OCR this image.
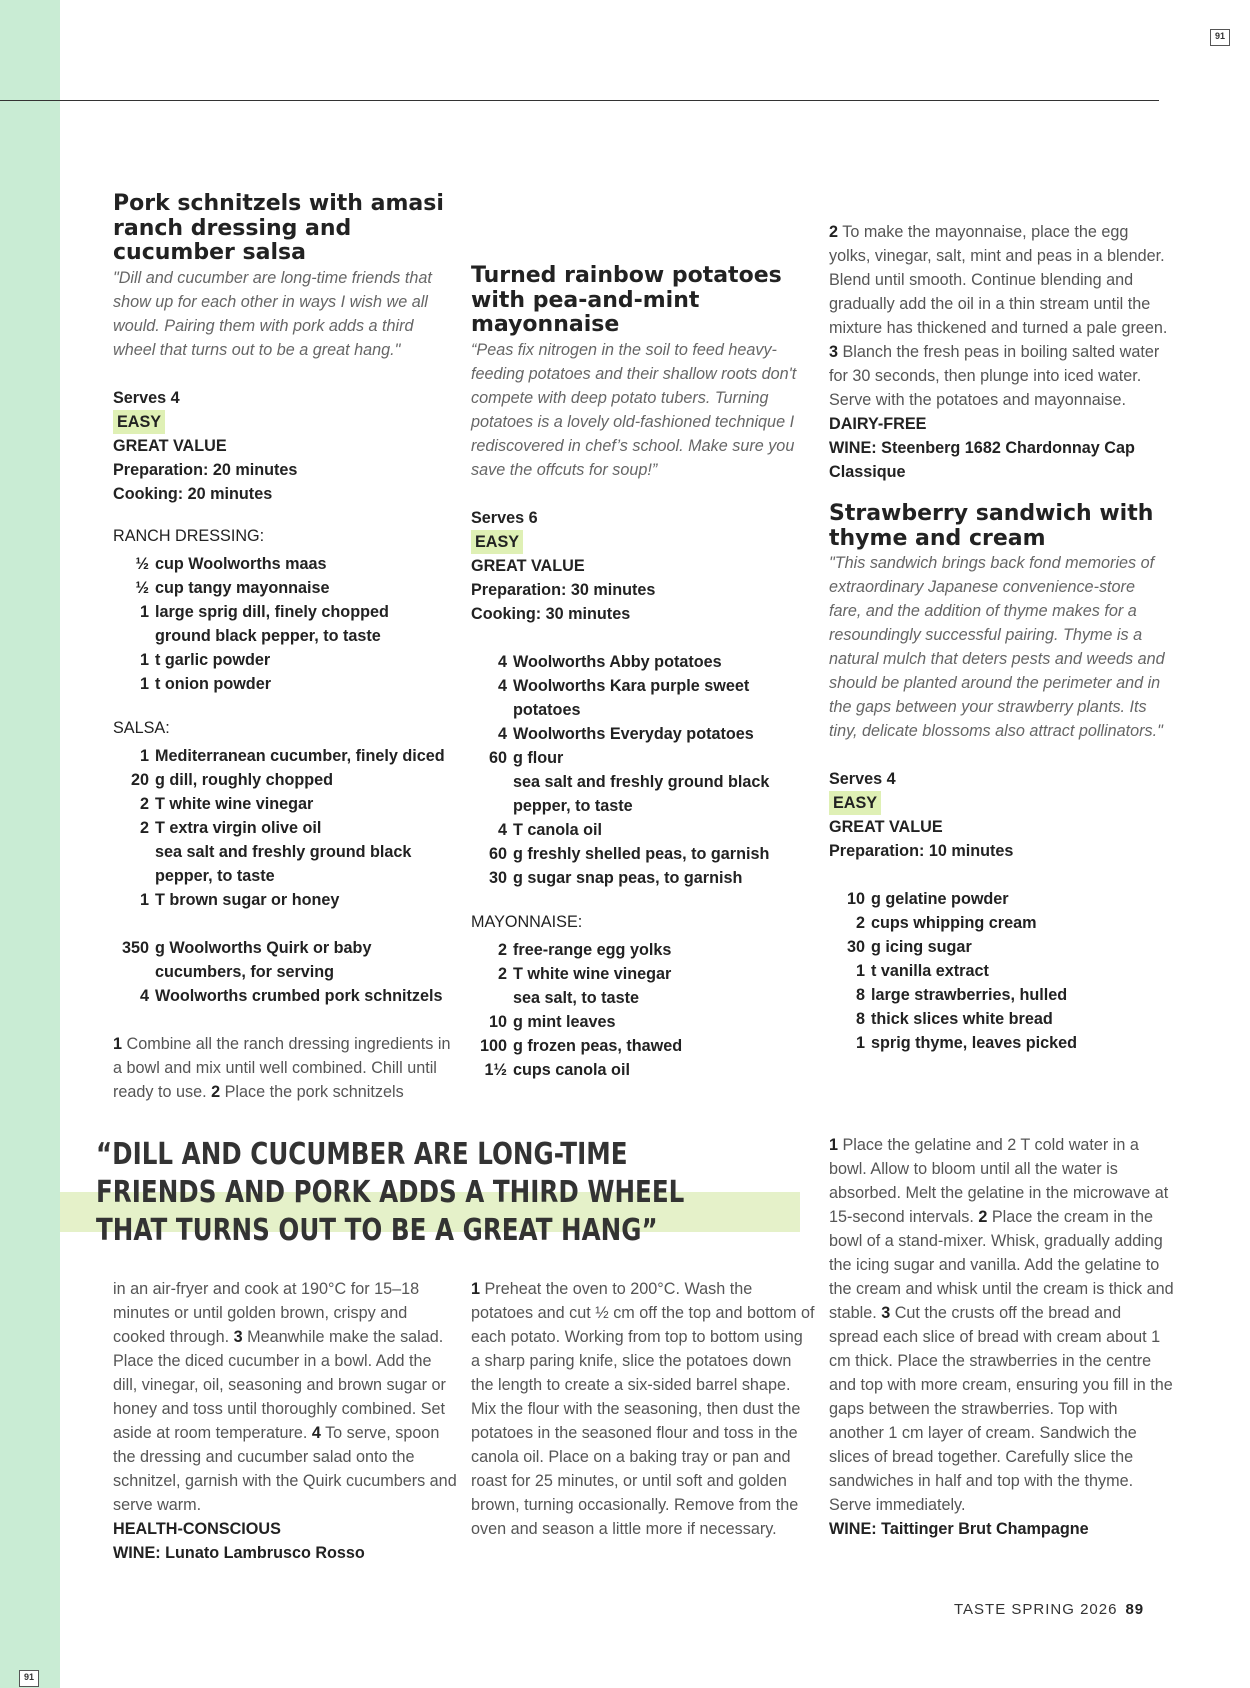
91
91
Pork schnitzels with amasi ranch dressing and cucumber salsa
"Dill and cucumber are long-time friends that show up for each other in ways I wish we all would. Pairing them with pork adds a third wheel that turns out to be a great hang."
Serves 4
EASY
GREAT VALUE
Preparation: 20 minutes
Cooking: 20 minutes
RANCH DRESSING:
½ cup Woolworths maas
½ cup tangy mayonnaise
1 large sprig dill, finely chopped
ground black pepper, to taste
1 t garlic powder
1 t onion powder
SALSA:
1 Mediterranean cucumber, finely diced
20 g dill, roughly chopped
2 T white wine vinegar
2 T extra virgin olive oil
sea salt and freshly ground black pepper, to taste
1 T brown sugar or honey
350 g Woolworths Quirk or baby cucumbers, for serving
4 Woolworths crumbed pork schnitzels
1 Combine all the ranch dressing ingredients in a bowl and mix until well combined. Chill until ready to use. 2 Place the pork schnitzels
Turned rainbow potatoes with pea-and-mint mayonnaise
“Peas fix nitrogen in the soil to feed heavy-feeding potatoes and their shallow roots don't compete with deep potato tubers. Turning potatoes is a lovely old-fashioned technique I rediscovered in chef’s school. Make sure you save the offcuts for soup!”
Serves 6
EASY
GREAT VALUE
Preparation: 30 minutes
Cooking: 30 minutes
4 Woolworths Abby potatoes
4 Woolworths Kara purple sweet potatoes
4 Woolworths Everyday potatoes
60 g flour
sea salt and freshly ground black pepper, to taste
4 T canola oil
60 g freshly shelled peas, to garnish
30 g sugar snap peas, to garnish
MAYONNAISE:
2 free-range egg yolks
2 T white wine vinegar
sea salt, to taste
10 g mint leaves
100 g frozen peas, thawed
1½ cups canola oil
2 To make the mayonnaise, place the egg yolks, vinegar, salt, mint and peas in a blender. Blend until smooth. Continue blending and gradually add the oil in a thin stream until the mixture has thickened and turned a pale green. 3 Blanch the fresh peas in boiling salted water for 30 seconds, then plunge into iced water. Serve with the potatoes and mayonnaise.
DAIRY-FREE
WINE: Steenberg 1682 Chardonnay Cap Classique
Strawberry sandwich with thyme and cream
"This sandwich brings back fond memories of extraordinary Japanese convenience-store fare, and the addition of thyme makes for a resoundingly successful pairing. Thyme is a natural mulch that deters pests and weeds and should be planted around the perimeter and in the gaps between your strawberry plants. Its tiny, delicate blossoms also attract pollinators."
Serves 4
EASY
GREAT VALUE
Preparation: 10 minutes
10 g gelatine powder
2 cups whipping cream
30 g icing sugar
1 t vanilla extract
8 large strawberries, hulled
8 thick slices white bread
1 sprig thyme, leaves picked
“DILL AND CUCUMBER ARE LONG-TIME FRIENDS AND PORK ADDS A THIRD WHEEL THAT TURNS OUT TO BE A GREAT HANG”
in an air-fryer and cook at 190°C for 15–18 minutes or until golden brown, crispy and cooked through. 3 Meanwhile make the salad. Place the diced cucumber in a bowl. Add the dill, vinegar, oil, seasoning and brown sugar or honey and toss until thoroughly combined. Set aside at room temperature. 4 To serve, spoon the dressing and cucumber salad onto the schnitzel, garnish with the Quirk cucumbers and serve warm.
HEALTH-CONSCIOUS
WINE: Lunato Lambrusco Rosso
1 Preheat the oven to 200°C. Wash the potatoes and cut ½ cm off the top and bottom of each potato. Working from top to bottom using a sharp paring knife, slice the potatoes down the length to create a six-sided barrel shape. Mix the flour with the seasoning, then dust the potatoes in the seasoned flour and toss in the canola oil. Place on a baking tray or pan and roast for 25 minutes, or until soft and golden brown, turning occasionally. Remove from the oven and season a little more if necessary.
1 Place the gelatine and 2 T cold water in a bowl. Allow to bloom until all the water is absorbed. Melt the gelatine in the microwave at 15-second intervals. 2 Place the cream in the bowl of a stand-mixer. Whisk, gradually adding the icing sugar and vanilla. Add the gelatine to the cream and whisk until the cream is thick and stable. 3 Cut the crusts off the bread and spread each slice of bread with cream about 1 cm thick. Place the strawberries in the centre and top with more cream, ensuring you fill in the gaps between the strawberries. Top with another 1 cm layer of cream. Sandwich the slices of bread together. Carefully slice the sandwiches in half and top with the thyme. Serve immediately.
WINE: Taittinger Brut Champagne
TASTE SPRING 2026 89
